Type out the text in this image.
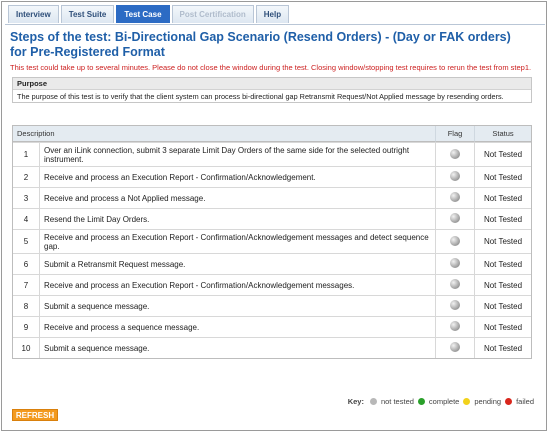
Interview	Test Suite	Test Case	Post Certification	Help
Steps of the test: Bi-Directional Gap Scenario (Resend Orders) - (Day or FAK orders) for Pre-Registered Format

This test could take up to several minutes. Please do not close the window during the test. Closing window/stopping test requires to rerun the test from step1.

Purpose
The purpose of this test is to verify that the client system can process bi-directional gap Retransmit Request/Not Applied message by resending orders.
Description		Flag	Status
1	Over an iLink connection, submit 3 separate Limit Day Orders of the same side for the selected outright instrument.		Not Tested
2	Receive and process an Execution Report - Confirmation/Acknowledgement.		Not Tested
3	Receive and process a Not Applied message.		Not Tested
4	Resend the Limit Day Orders.		Not Tested
5	Receive and process an Execution Report - Confirmation/Acknowledgement messages and detect sequence gap.		Not Tested
6	Submit a Retransmit Request message.		Not Tested
7	Receive and process an Execution Report - Confirmation/Acknowledgement messages.		Not Tested
8	Submit a sequence message.		Not Tested
9	Receive and process a sequence message.		Not Tested
10	Submit a sequence message.		Not Tested
Key: not tested complete pending failed
REFRESH
